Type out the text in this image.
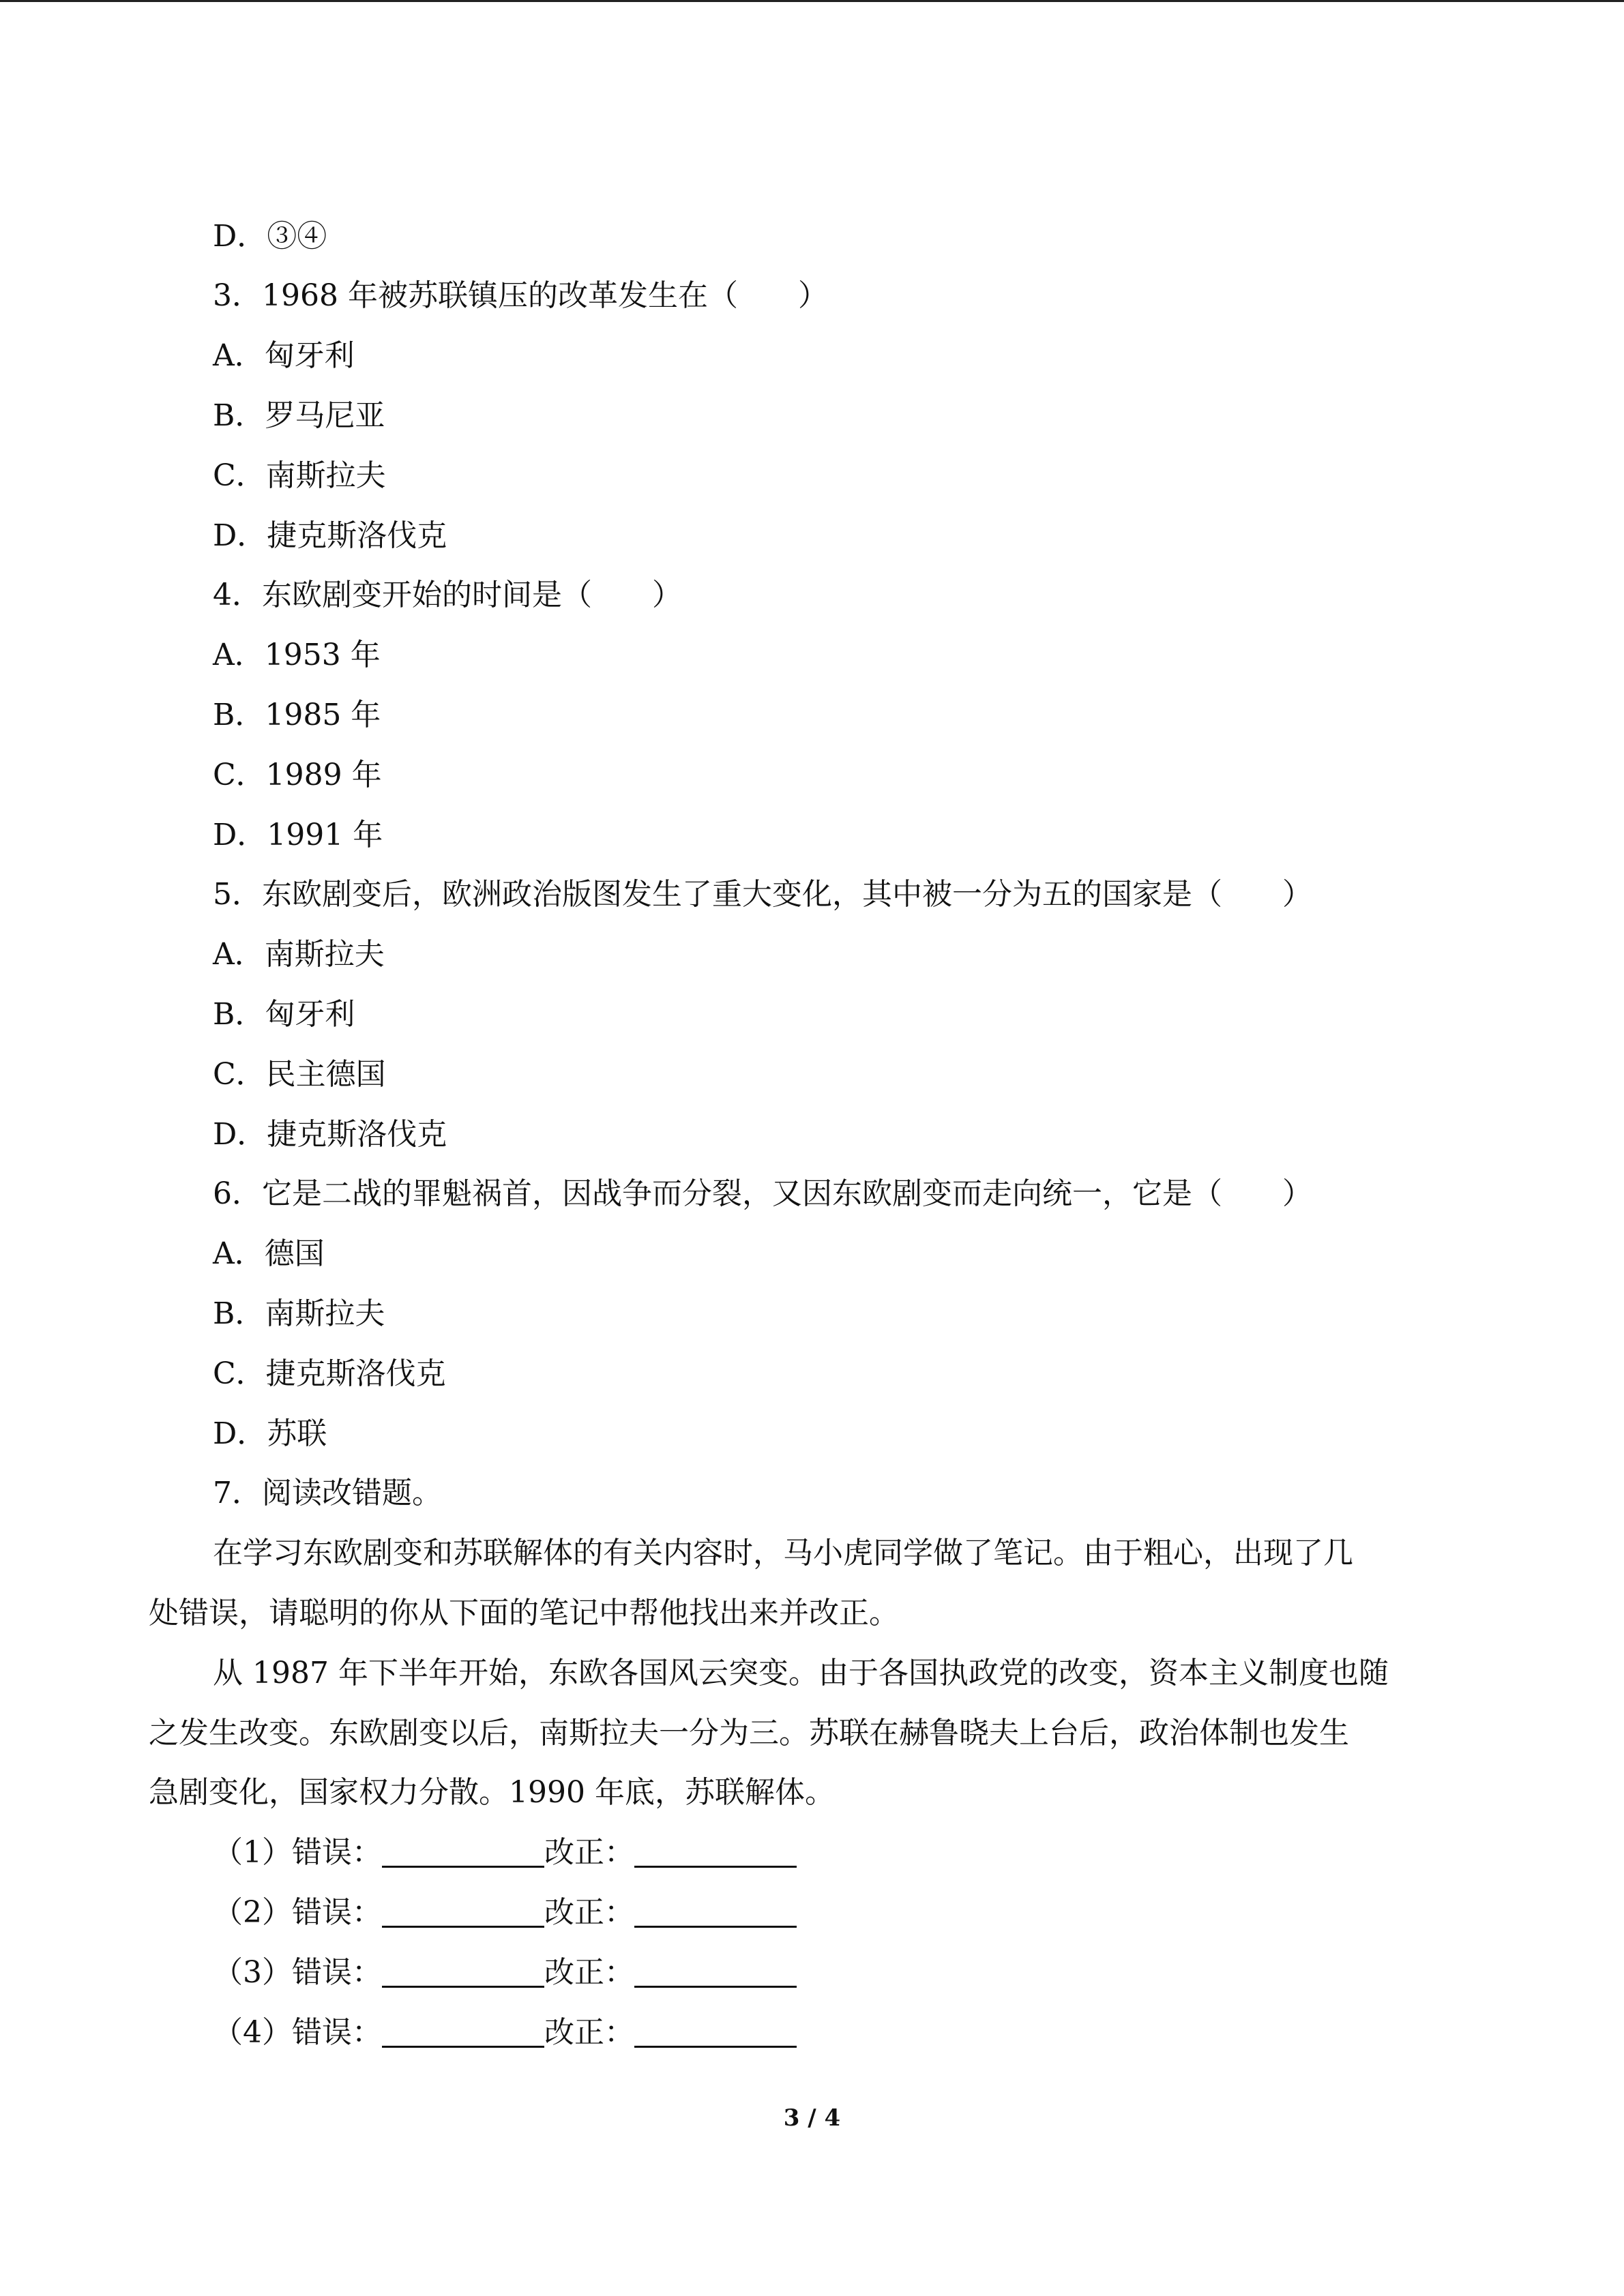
D．③④
3．1968 年被苏联镇压的改革发生在（　　）
A．匈牙利
B．罗马尼亚
C．南斯拉夫
D．捷克斯洛伐克
4．东欧剧变开始的时间是（　　）
A．1953 年
B．1985 年
C．1989 年
D．1991 年
5．东欧剧变后，欧洲政治版图发生了重大变化，其中被一分为五的国家是（　　）
A．南斯拉夫
B．匈牙利
C．民主德国
D．捷克斯洛伐克
6．它是二战的罪魁祸首，因战争而分裂，又因东欧剧变而走向统一，它是（　　）
A．德国
B．南斯拉夫
C．捷克斯洛伐克
D．苏联
7．阅读改错题。
在学习东欧剧变和苏联解体的有关内容时，马小虎同学做了笔记。由于粗心，出现了几
处错误，请聪明的你从下面的笔记中帮他找出来并改正。
从 1987 年下半年开始，东欧各国风云突变。由于各国执政党的改变，资本主义制度也随
之发生改变。东欧剧变以后，南斯拉夫一分为三。苏联在赫鲁晓夫上台后，政治体制也发生
急剧变化，国家权力分散。1990 年底，苏联解体。
（1）错误：	改正：
（2）错误：	改正：
（3）错误：	改正：
（4）错误：	改正：
3 / 4
